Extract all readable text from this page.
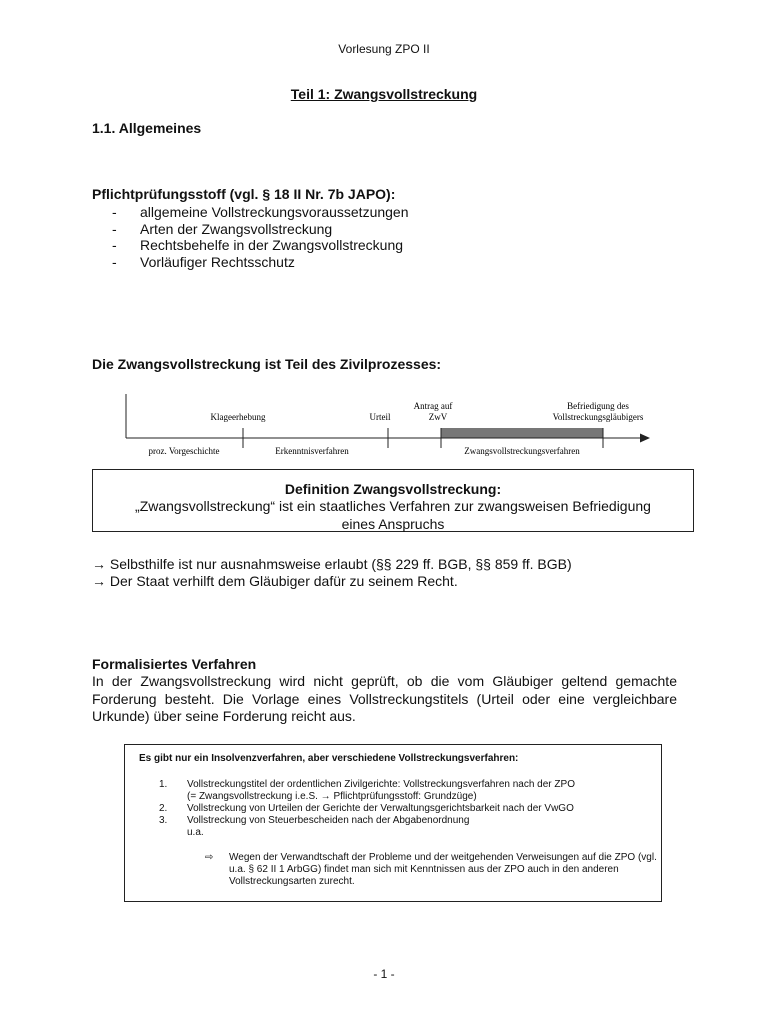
Vorlesung ZPO II
Teil 1: Zwangsvollstreckung
1.1. Allgemeines
Pflichtprüfungsstoff (vgl. § 18 II Nr. 7b JAPO):
- allgemeine Vollstreckungsvoraussetzungen
- Arten der Zwangsvollstreckung
- Rechtsbehelfe in der Zwangsvollstreckung
- Vorläufiger Rechtsschutz
Die Zwangsvollstreckung ist Teil des Zivilprozesses:
Klageerhebung	Urteil
Antrag auf
ZwV
Befriedigung des
Vollstreckungsgläubigers
proz. Vorgeschichte	Erkenntnisverfahren	Zwangsvollstreckungsverfahren
Definition Zwangsvollstreckung:
„Zwangsvollstreckung“ ist ein staatliches Verfahren zur zwangsweisen Befriedigung
eines Anspruchs
→ Selbsthilfe ist nur ausnahmsweise erlaubt (§§ 229 ff. BGB, §§ 859 ff. BGB)
→ Der Staat verhilft dem Gläubiger dafür zu seinem Recht.
Formalisiertes Verfahren
In der Zwangsvollstreckung wird nicht geprüft, ob die vom Gläubiger geltend gemachte Forderung besteht. Die Vorlage eines Vollstreckungstitels (Urteil oder eine vergleichbare Urkunde) über seine Forderung reicht aus.
Es gibt nur ein Insolvenzverfahren, aber verschiedene Vollstreckungsverfahren:
1. Vollstreckungstitel der ordentlichen Zivilgerichte: Vollstreckungsverfahren nach der ZPO
(= Zwangsvollstreckung i.e.S. → Pflichtprüfungsstoff: Grundzüge)
2. Vollstreckung von Urteilen der Gerichte der Verwaltungsgerichtsbarkeit nach der VwGO
3. Vollstreckung von Steuerbescheiden nach der Abgabenordnung
u.a.
⇨ Wegen der Verwandtschaft der Probleme und der weitgehenden Verweisungen auf die ZPO (vgl. u.a. § 62 II 1 ArbGG) findet man sich mit Kenntnissen aus der ZPO auch in den anderen Vollstreckungsarten zurecht.
- 1 -
